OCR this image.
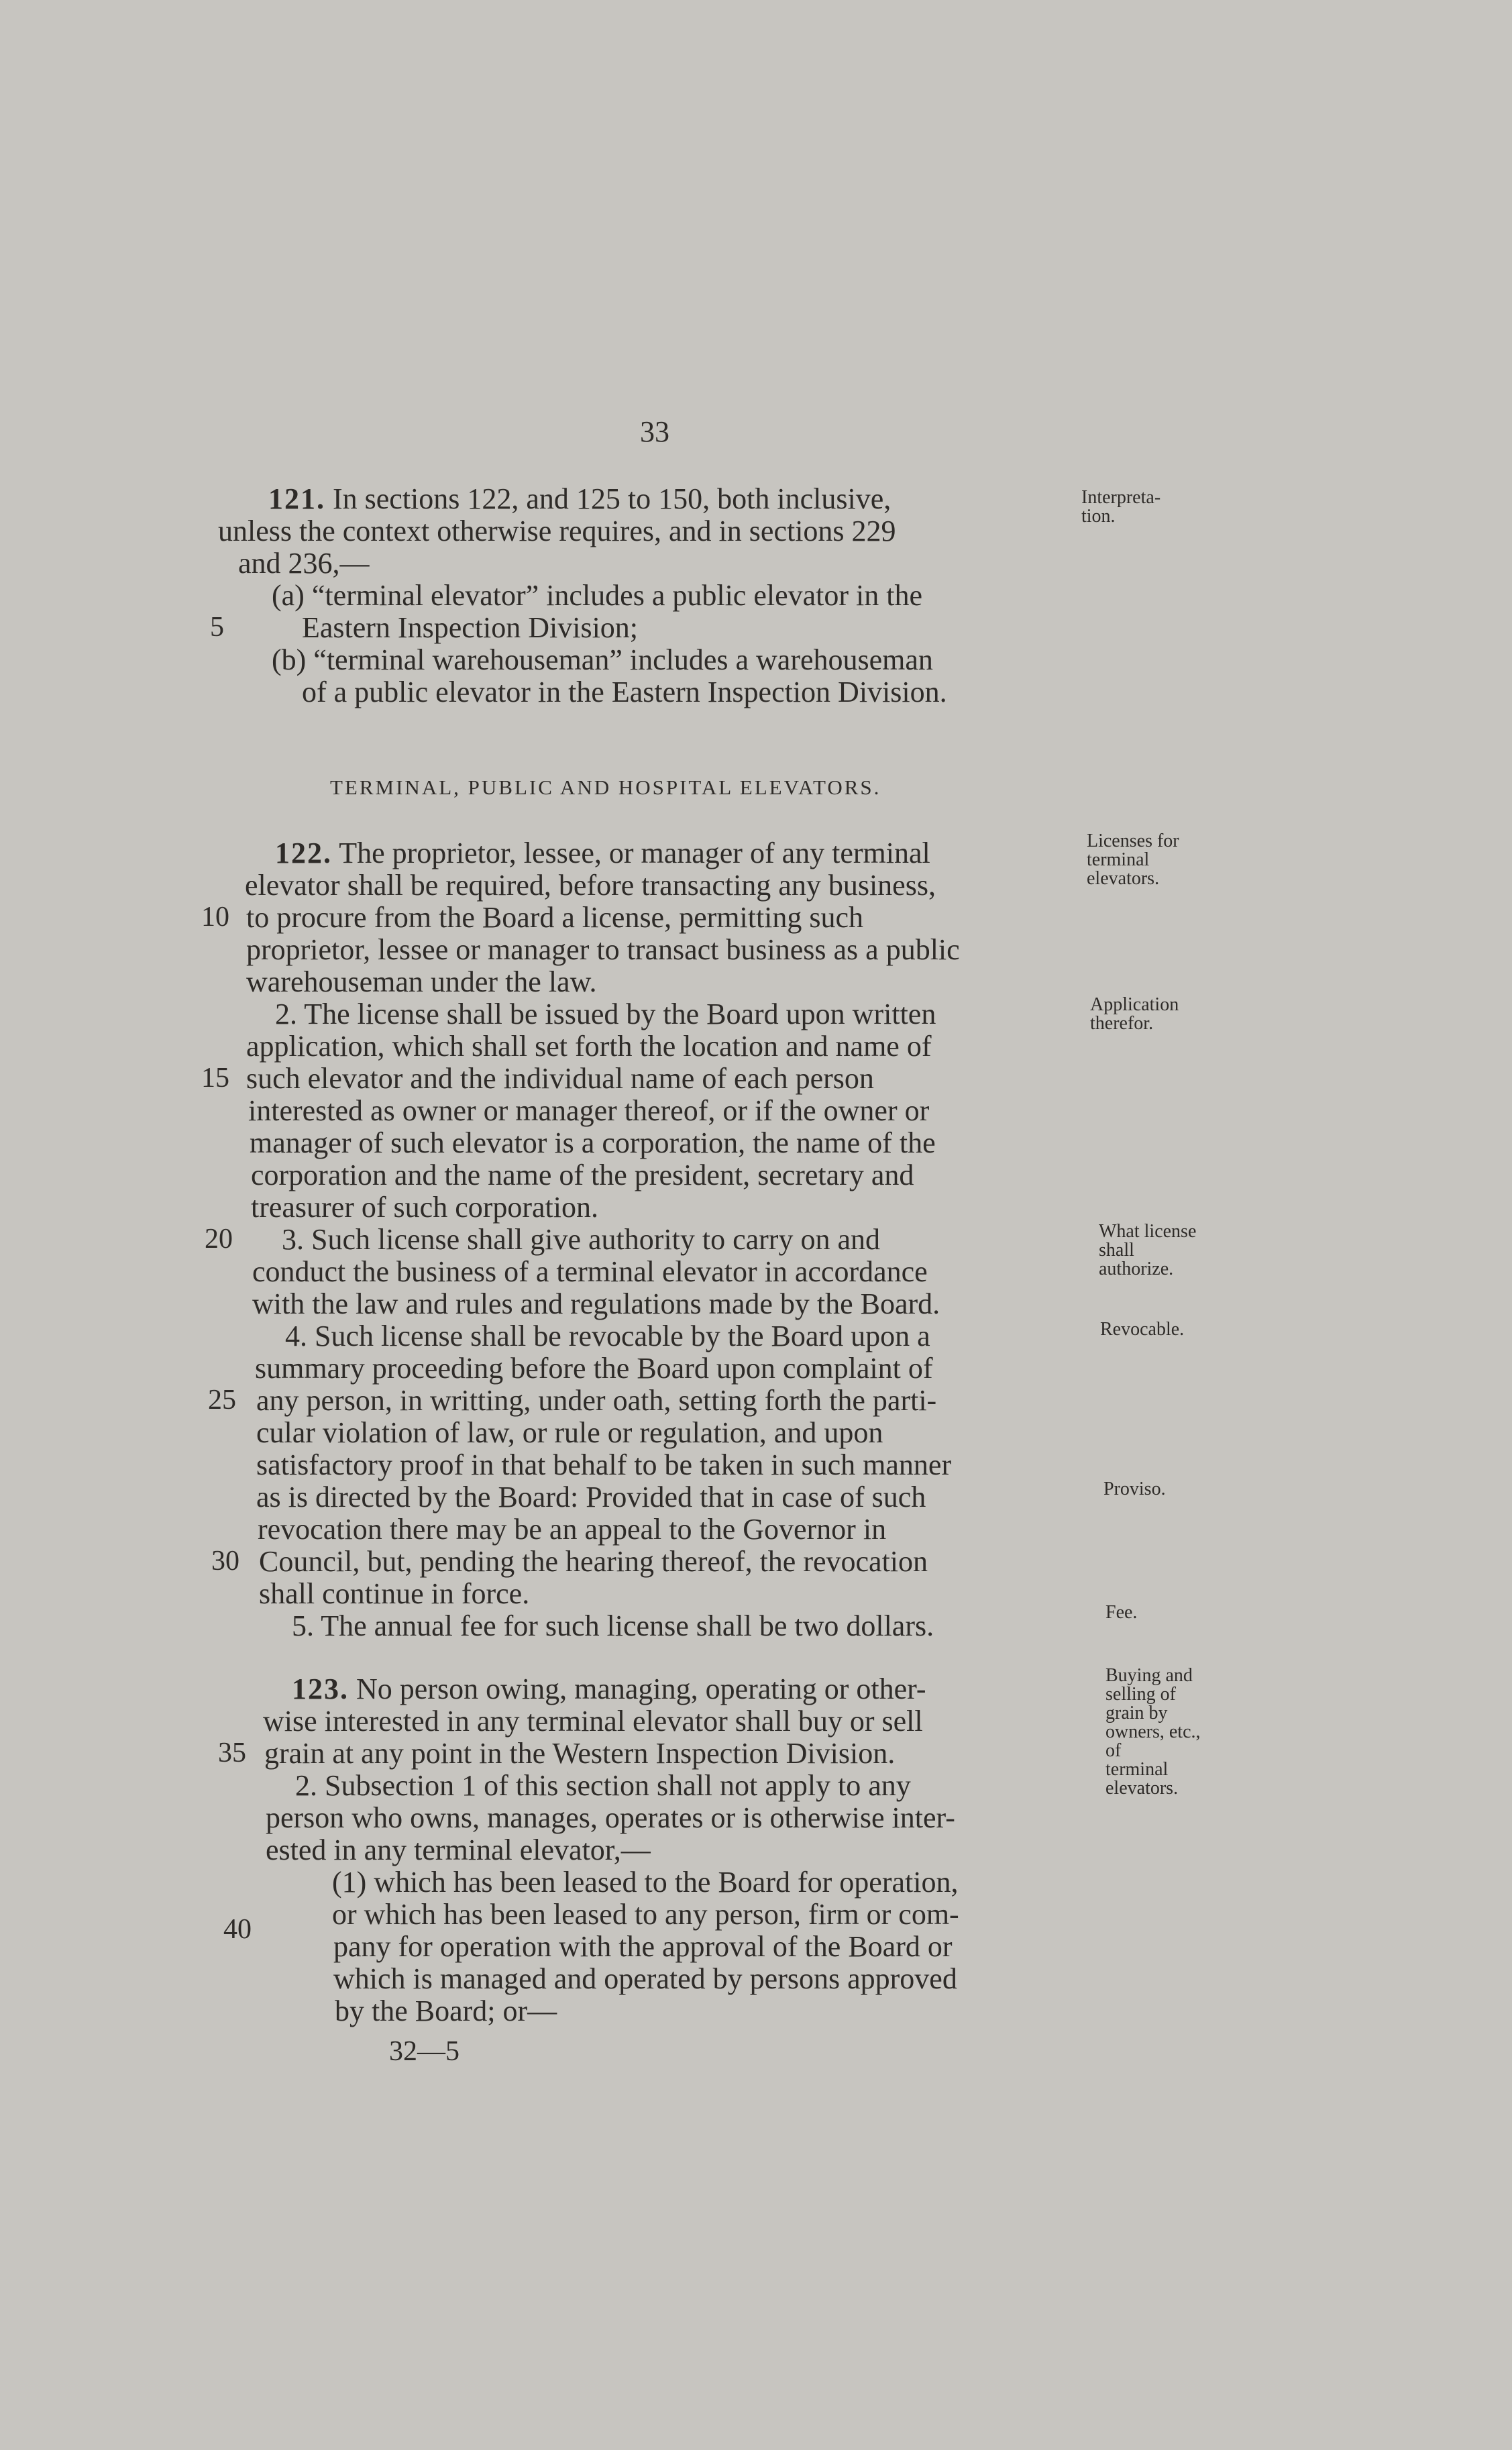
33
TERMINAL, PUBLIC AND HOSPITAL ELEVATORS.
121. In sections 122, and 125 to 150, both inclusive,
unless the context otherwise requires, and in sections 229
and 236,—
(a) “terminal elevator” includes a public elevator in the
Eastern Inspection Division;
(b) “terminal warehouseman” includes a warehouseman
of a public elevator in the Eastern Inspection Division.
122. The proprietor, lessee, or manager of any terminal
elevator shall be required, before transacting any business,
to procure from the Board a license, permitting such
proprietor, lessee or manager to transact business as a public
warehouseman under the law.
2. The license shall be issued by the Board upon written
application, which shall set forth the location and name of
such elevator and the individual name of each person
interested as owner or manager thereof, or if the owner or
manager of such elevator is a corporation, the name of the
corporation and the name of the president, secretary and
treasurer of such corporation.
3. Such license shall give authority to carry on and
conduct the business of a terminal elevator in accordance
with the law and rules and regulations made by the Board.
4. Such license shall be revocable by the Board upon a
summary proceeding before the Board upon complaint of
any person, in writting, under oath, setting forth the parti-
cular violation of law, or rule or regulation, and upon
satisfactory proof in that behalf to be taken in such manner
as is directed by the Board: Provided that in case of such
revocation there may be an appeal to the Governor in
Council, but, pending the hearing thereof, the revocation
shall continue in force.
5. The annual fee for such license shall be two dollars.
123. No person owing, managing, operating or other-
wise interested in any terminal elevator shall buy or sell
grain at any point in the Western Inspection Division.
2. Subsection 1 of this section shall not apply to any
person who owns, manages, operates or is otherwise inter-
ested in any terminal elevator,—
(1) which has been leased to the Board for operation,
or which has been leased to any person, firm or com-
pany for operation with the approval of the Board or
which is managed and operated by persons approved
by the Board; or—
5
10
15
20
25
30
35
40
Interpreta-
tion.
Licenses for
terminal
elevators.
Application
therefor.
What license
shall
authorize.
Revocable.
Proviso.
Fee.
Buying and
selling of
grain by
owners, etc.,
of
terminal
elevators.
32—5
